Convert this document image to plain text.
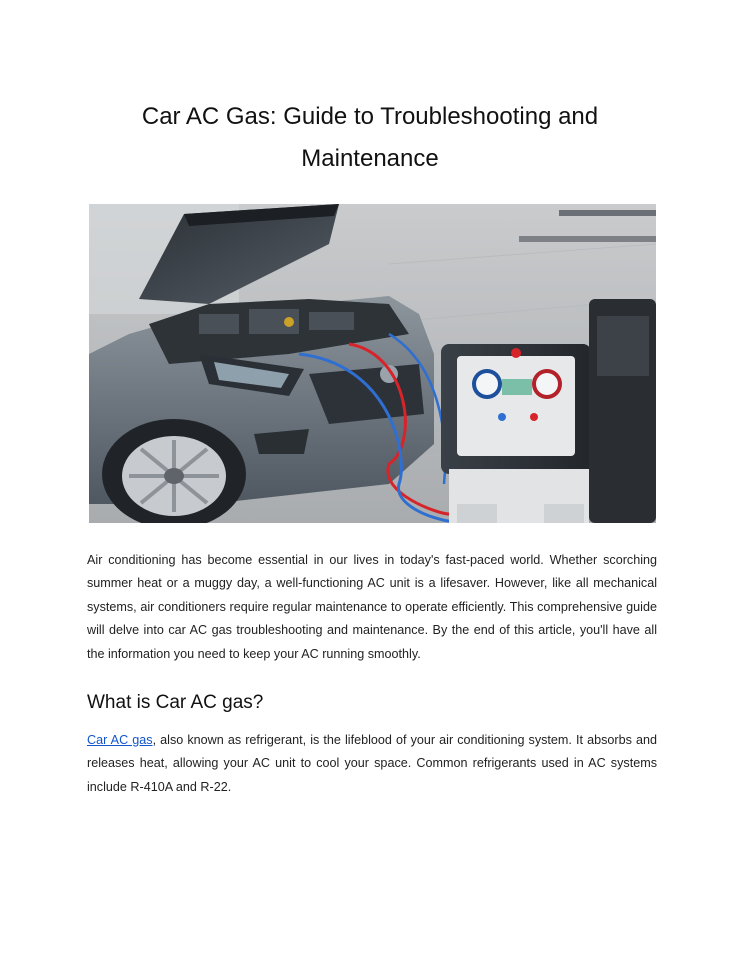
Car AC Gas: Guide to Troubleshooting and
Maintenance

Air conditioning has become essential in our lives in today's fast-paced world. Whether scorching summer heat or a muggy day, a well-functioning AC unit is a lifesaver. However, like all mechanical systems, air conditioners require regular maintenance to operate efficiently. This comprehensive guide will delve into car AC gas troubleshooting and maintenance. By the end of this article, you'll have all the information you need to keep your AC running smoothly.

What is Car AC gas?

Car AC gas, also known as refrigerant, is the lifeblood of your air conditioning system. It absorbs and releases heat, allowing your AC unit to cool your space. Common refrigerants used in AC systems include R-410A and R-22.
